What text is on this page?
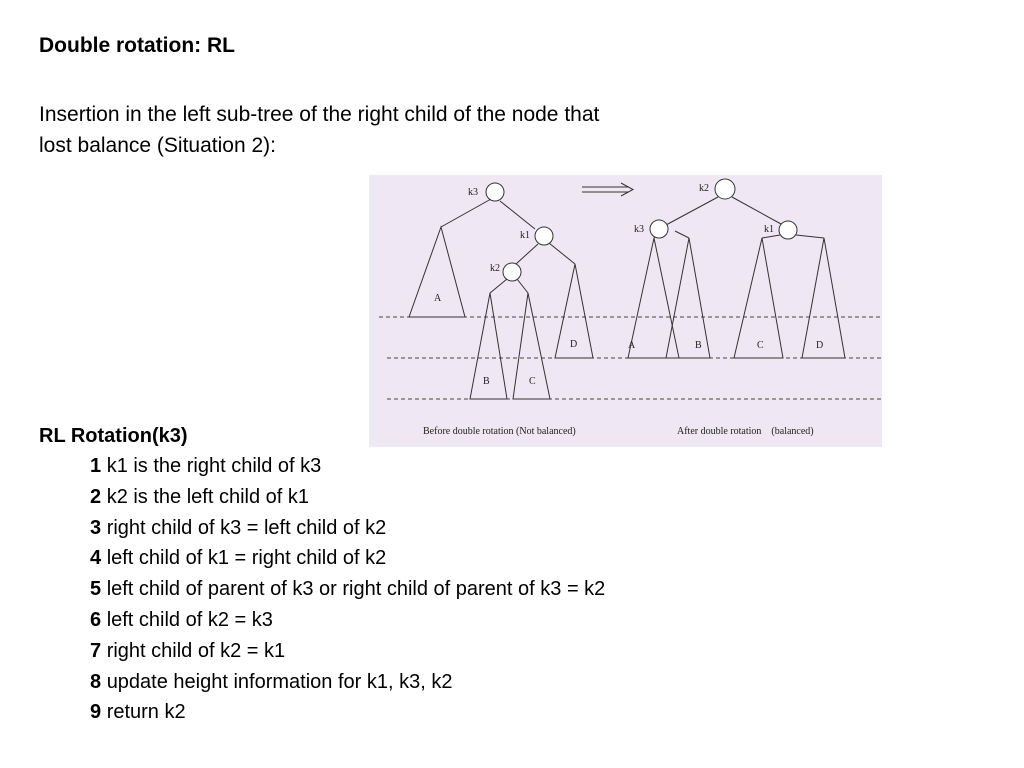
Double rotation: RL
Insertion in the left sub-tree of the right child of the node that
lost balance (Situation 2):
k3
k1
k2
A
B	C
D
k2
k3	k1
A	B	C	D
Before double rotation (Not balanced)	After double rotation    (balanced)
RL Rotation(k3)
1 k1 is the right child of k3
2 k2 is the left child of k1
3 right child of k3 = left child of k2
4 left child of k1 = right child of k2
5 left child of parent of k3 or right child of parent of k3 = k2
6 left child of k2 = k3
7 right child of k2 = k1
8 update height information for k1, k3, k2
9 return k2
